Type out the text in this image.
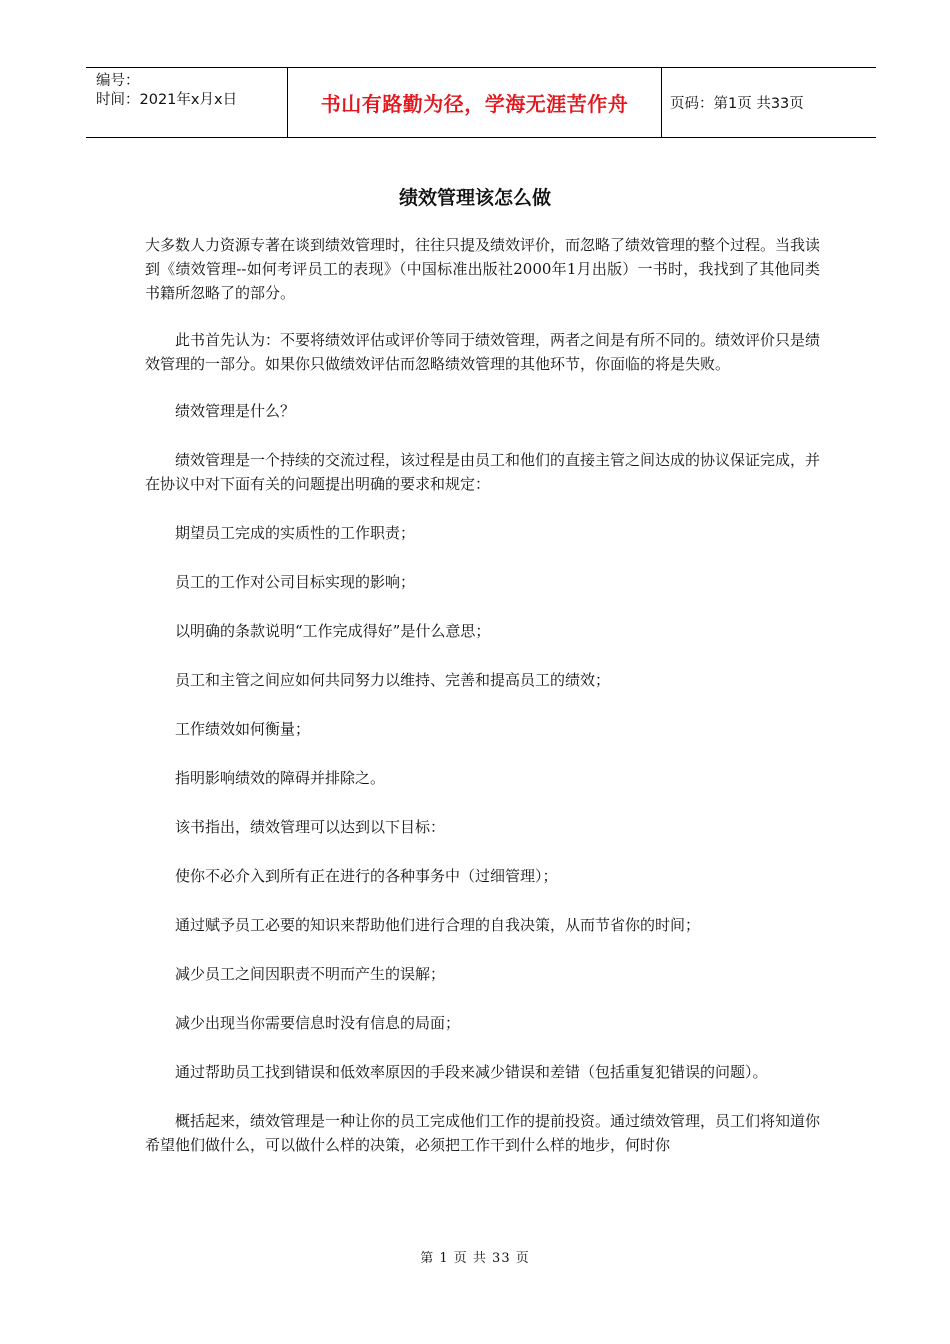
编号：
时间：2021年x月x日	书山有路勤为径，学海无涯苦作舟	页码：第1页 共33页
绩效管理该怎么做

大多数人力资源专著在谈到绩效管理时，往往只提及绩效评价，而忽略了绩效管理的整个过程。当我读到《绩效管理--如何考评员工的表现》（中国标准出版社2000年1月出版）一书时，我找到了其他同类书籍所忽略了的部分。

　　此书首先认为：不要将绩效评估或评价等同于绩效管理，两者之间是有所不同的。绩效评价只是绩效管理的一部分。如果你只做绩效评估而忽略绩效管理的其他环节，你面临的将是失败。

　　绩效管理是什么？

　　绩效管理是一个持续的交流过程，该过程是由员工和他们的直接主管之间达成的协议保证完成，并在协议中对下面有关的问题提出明确的要求和规定：

　　期望员工完成的实质性的工作职责；

　　员工的工作对公司目标实现的影响；

　　以明确的条款说明“工作完成得好”是什么意思；

　　员工和主管之间应如何共同努力以维持、完善和提高员工的绩效；

　　工作绩效如何衡量；

　　指明影响绩效的障碍并排除之。

　　该书指出，绩效管理可以达到以下目标：

　　使你不必介入到所有正在进行的各种事务中（过细管理）；

　　通过赋予员工必要的知识来帮助他们进行合理的自我决策，从而节省你的时间；

　　减少员工之间因职责不明而产生的误解；

　　减少出现当你需要信息时没有信息的局面；

　　通过帮助员工找到错误和低效率原因的手段来减少错误和差错（包括重复犯错误的问题）。

　　概括起来，绩效管理是一种让你的员工完成他们工作的提前投资。通过绩效管理，员工们将知道你希望他们做什么，可以做什么样的决策，必须把工作干到什么样的地步，何时你

第 1 页 共 33 页
